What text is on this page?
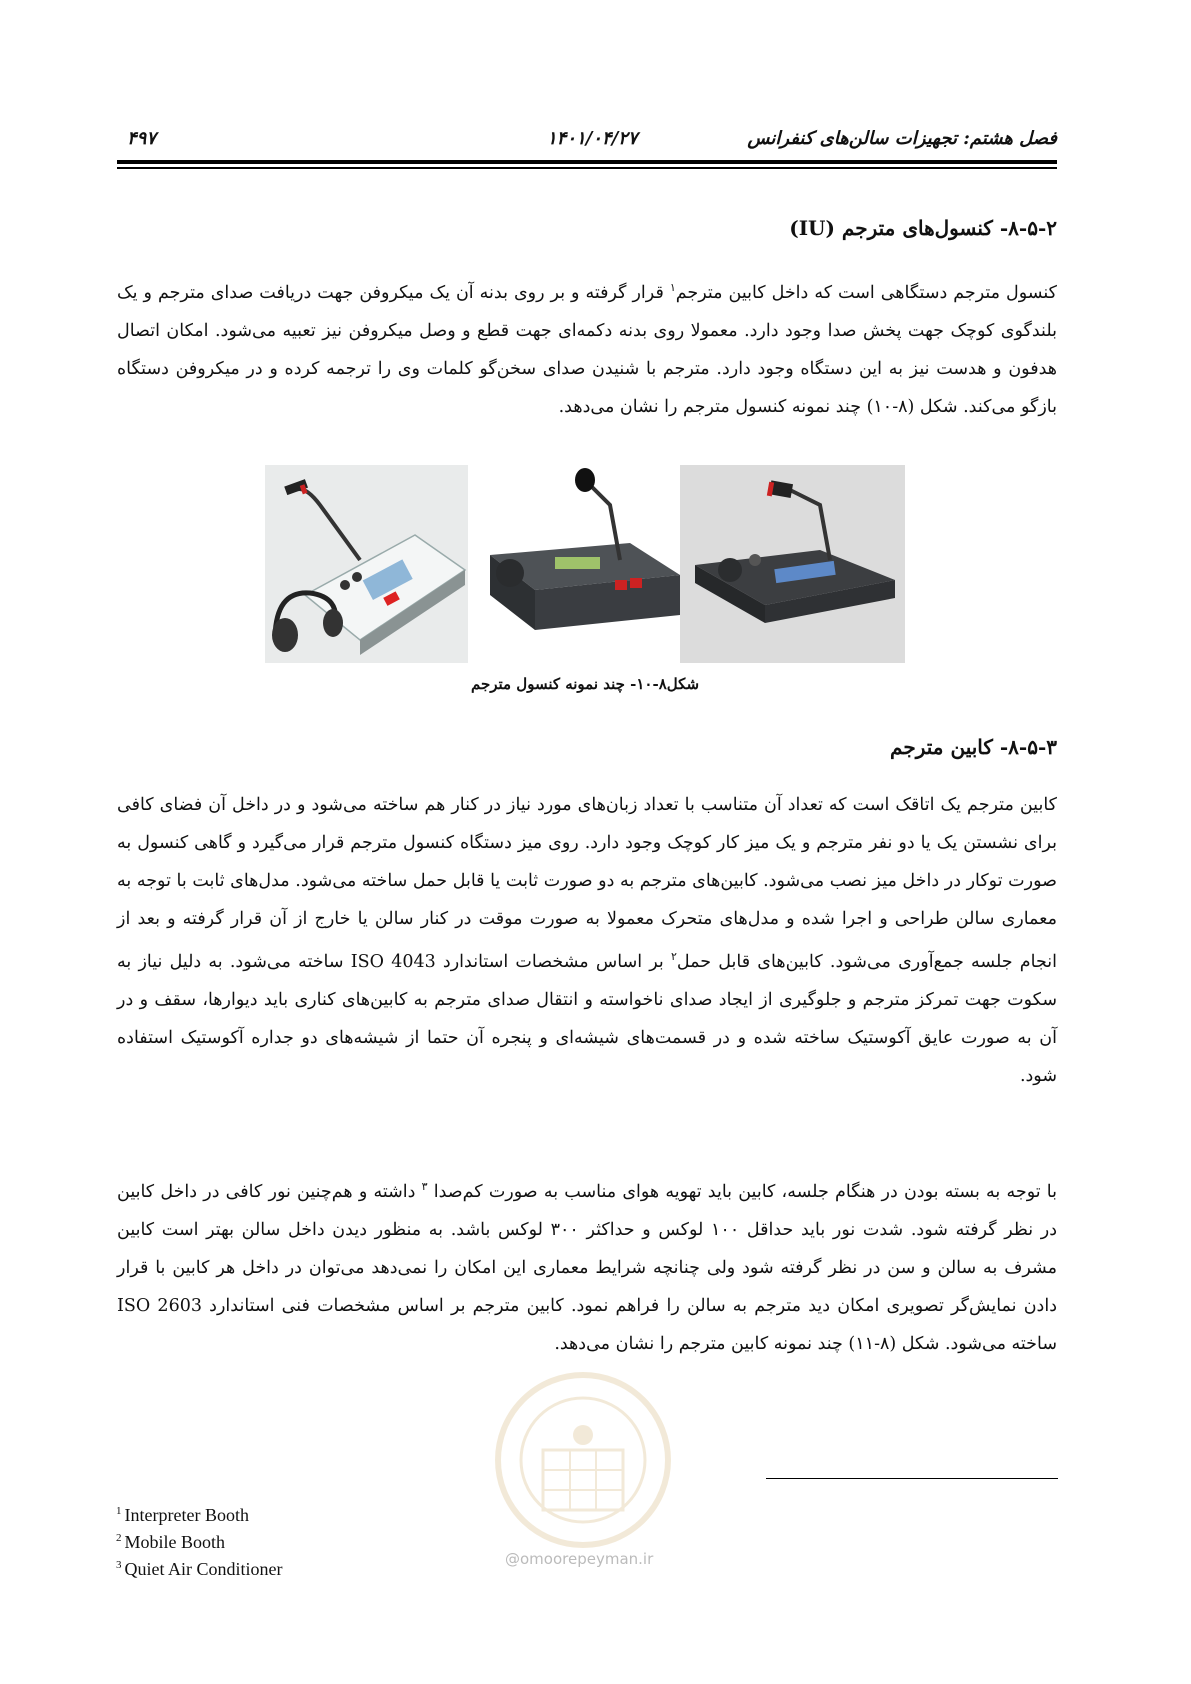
فصل هشتم: تجهیزات سالن‌های کنفرانس
۱۴۰۱/۰۴/۲۷
۴۹۷
۸-۵-۲- کنسول‌های مترجم (IU)

کنسول مترجم دستگاهی است که داخل کابین مترجم$^۱$ قرار گرفته و بر روی بدنه آن یک میکروفن جهت دریافت صدای مترجم و یک بلندگوی کوچک جهت پخش صدا وجود دارد. معمولا روی بدنه دکمه‌ای جهت قطع و وصل میکروفن نیز تعبیه می‌شود. امکان اتصال هدفون و هدست نیز به این دستگاه وجود دارد. مترجم با شنیدن صدای سخن‌گو کلمات وی را ترجمه کرده و در میکروفن دستگاه بازگو می‌کند. شکل (۸-۱۰) چند نمونه کنسول مترجم را نشان می‌دهد.

شکل۸-۱۰- چند نمونه کنسول مترجم
۸-۵-۳- کابین مترجم

کابین مترجم یک اتاقک است که تعداد آن متناسب با تعداد زبان‌های مورد نیاز در کنار هم ساخته می‌شود و در داخل آن فضای کافی برای نشستن یک یا دو نفر مترجم و یک میز کار کوچک وجود دارد. روی میز دستگاه کنسول مترجم قرار می‌گیرد و گاهی کنسول به صورت توکار در داخل میز نصب می‌شود. کابین‌های مترجم به دو صورت ثابت یا قابل حمل ساخته می‌شود. مدل‌های ثابت با توجه به معماری سالن طراحی و اجرا شده و مدل‌های متحرک معمولا به صورت موقت در کنار سالن یا خارج از آن قرار گرفته و بعد از انجام جلسه جمع‌آوری می‌شود. کابین‌های قابل حمل$^۲$ بر اساس مشخصات استاندارد ISO 4043 ساخته می‌شود. به دلیل نیاز به سکوت جهت تمرکز مترجم و جلوگیری از ایجاد صدای ناخواسته و انتقال صدای مترجم به کابین‌های کناری باید دیوارها، سقف و در آن به صورت عایق آکوستیک ساخته شده و در قسمت‌های شیشه‌ای و پنجره آن حتما از شیشه‌های دو جداره آکوستیک استفاده شود.

با توجه به بسته بودن در هنگام جلسه، کابین باید تهویه هوای مناسب به صورت کم‌صدا $^۳$ داشته و هم‌چنین نور کافی در داخل کابین در نظر گرفته شود. شدت نور باید حداقل ۱۰۰ لوکس و حداکثر ۳۰۰ لوکس باشد. به منظور دیدن داخل سالن بهتر است کابین مشرف به سالن و سن در نظر گرفته شود ولی چنانچه شرایط معماری این امکان را نمی‌دهد می‌توان در داخل هر کابین با قرار دادن نمایش‌گر تصویری امکان دید مترجم به سالن را فراهم نمود. کابین مترجم بر اساس مشخصات فنی استاندارد ISO 2603 ساخته می‌شود. شکل (۸-۱۱) چند نمونه کابین مترجم را نشان می‌دهد.

@omoorepeyman.ir
$^1$ Interpreter Booth
$^2$ Mobile Booth
$^3$ Quiet Air Conditioner
